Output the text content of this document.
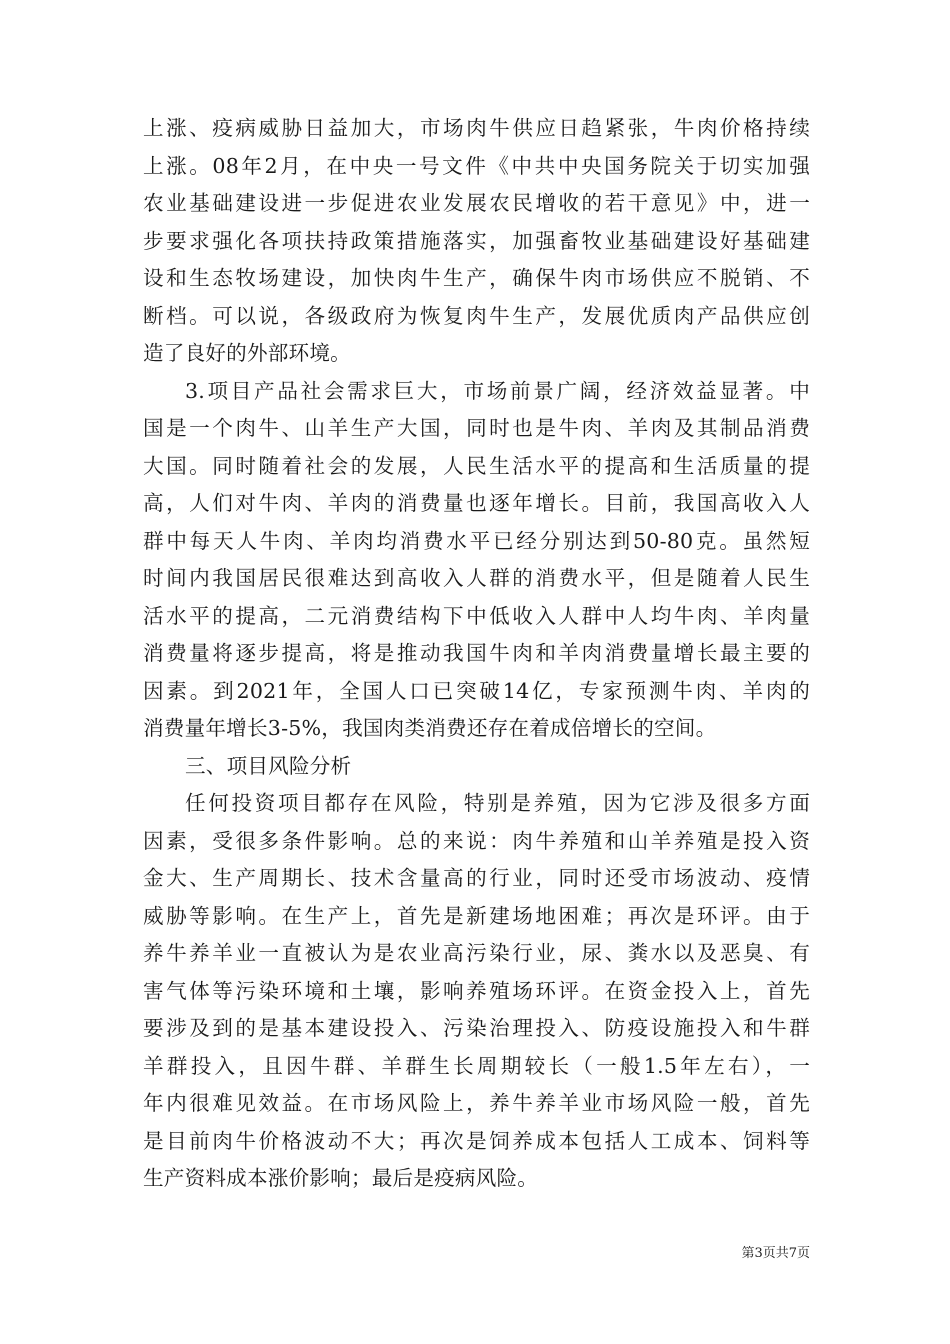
上涨、疫病威胁日益加大，市场肉牛供应日趋紧张，牛肉价格持续
上涨。08年2月，在中央一号文件《中共中央国务院关于切实加强
农业基础建设进一步促进农业发展农民增收的若干意见》中，进一
步要求强化各项扶持政策措施落实，加强畜牧业基础建设好基础建
设和生态牧场建设，加快肉牛生产，确保牛肉市场供应不脱销、不
断档。可以说，各级政府为恢复肉牛生产，发展优质肉产品供应创
造了良好的外部环境。
3.项目产品社会需求巨大，市场前景广阔，经济效益显著。中
国是一个肉牛、山羊生产大国，同时也是牛肉、羊肉及其制品消费
大国。同时随着社会的发展，人民生活水平的提高和生活质量的提
高，人们对牛肉、羊肉的消费量也逐年增长。目前，我国高收入人
群中每天人牛肉、羊肉均消费水平已经分别达到50-80克。虽然短
时间内我国居民很难达到高收入人群的消费水平，但是随着人民生
活水平的提高，二元消费结构下中低收入人群中人均牛肉、羊肉量
消费量将逐步提高，将是推动我国牛肉和羊肉消费量增长最主要的
因素。到2021年，全国人口已突破14亿，专家预测牛肉、羊肉的
消费量年增长3-5%，我国肉类消费还存在着成倍增长的空间。
三、项目风险分析
任何投资项目都存在风险，特别是养殖，因为它涉及很多方面
因素，受很多条件影响。总的来说：肉牛养殖和山羊养殖是投入资
金大、生产周期长、技术含量高的行业，同时还受市场波动、疫情
威胁等影响。在生产上，首先是新建场地困难；再次是环评。由于
养牛养羊业一直被认为是农业高污染行业，尿、粪水以及恶臭、有
害气体等污染环境和土壤，影响养殖场环评。在资金投入上，首先
要涉及到的是基本建设投入、污染治理投入、防疫设施投入和牛群
羊群投入，且因牛群、羊群生长周期较长（一般1.5年左右），一
年内很难见效益。在市场风险上，养牛养羊业市场风险一般，首先
是目前肉牛价格波动不大；再次是饲养成本包括人工成本、饲料等
生产资料成本涨价影响；最后是疫病风险。
第3页共7页
